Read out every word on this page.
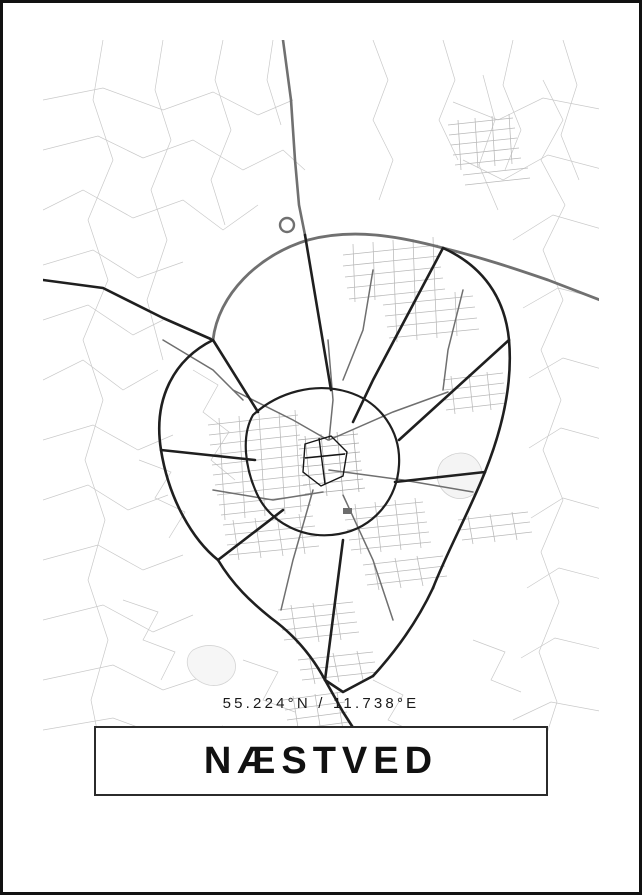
55.224°N / 11.738°E
NÆSTVED
